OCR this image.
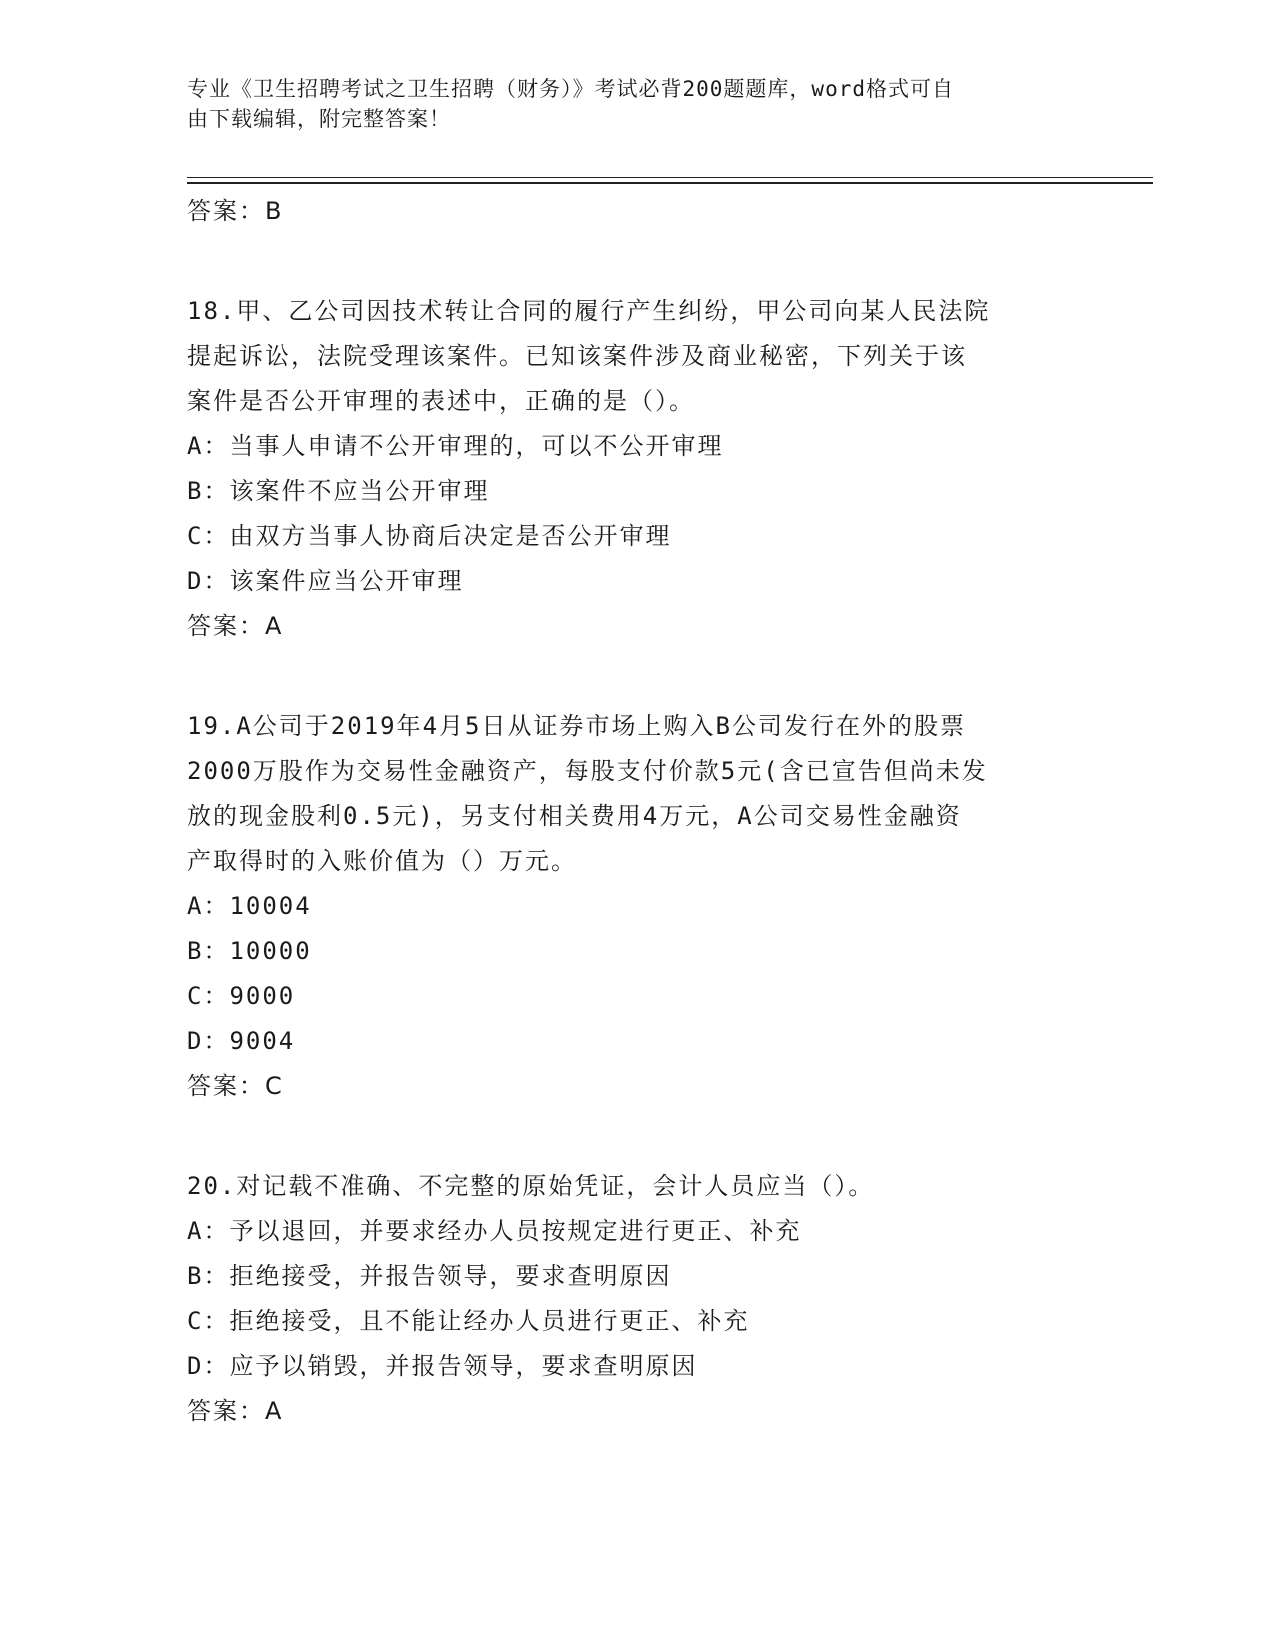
专业《卫生招聘考试之卫生招聘（财务）》考试必背200题题库，word格式可自
由下载编辑，附完整答案！
答案：B
18.甲、乙公司因技术转让合同的履行产生纠纷，甲公司向某人民法院
提起诉讼，法院受理该案件。已知该案件涉及商业秘密，下列关于该
案件是否公开审理的表述中，正确的是（）。
A：当事人申请不公开审理的，可以不公开审理
B：该案件不应当公开审理
C：由双方当事人协商后决定是否公开审理
D：该案件应当公开审理
答案：A
19.A公司于2019年4月5日从证券市场上购入B公司发行在外的股票
2000万股作为交易性金融资产，每股支付价款5元(含已宣告但尚未发
放的现金股利0.5元)，另支付相关费用4万元，A公司交易性金融资
产取得时的入账价值为（）万元。
A：10004
B：10000
C：9000
D：9004
答案：C
20.对记载不准确、不完整的原始凭证，会计人员应当（）。
A：予以退回，并要求经办人员按规定进行更正、补充
B：拒绝接受，并报告领导，要求查明原因
C：拒绝接受，且不能让经办人员进行更正、补充
D：应予以销毁，并报告领导，要求查明原因
答案：A
